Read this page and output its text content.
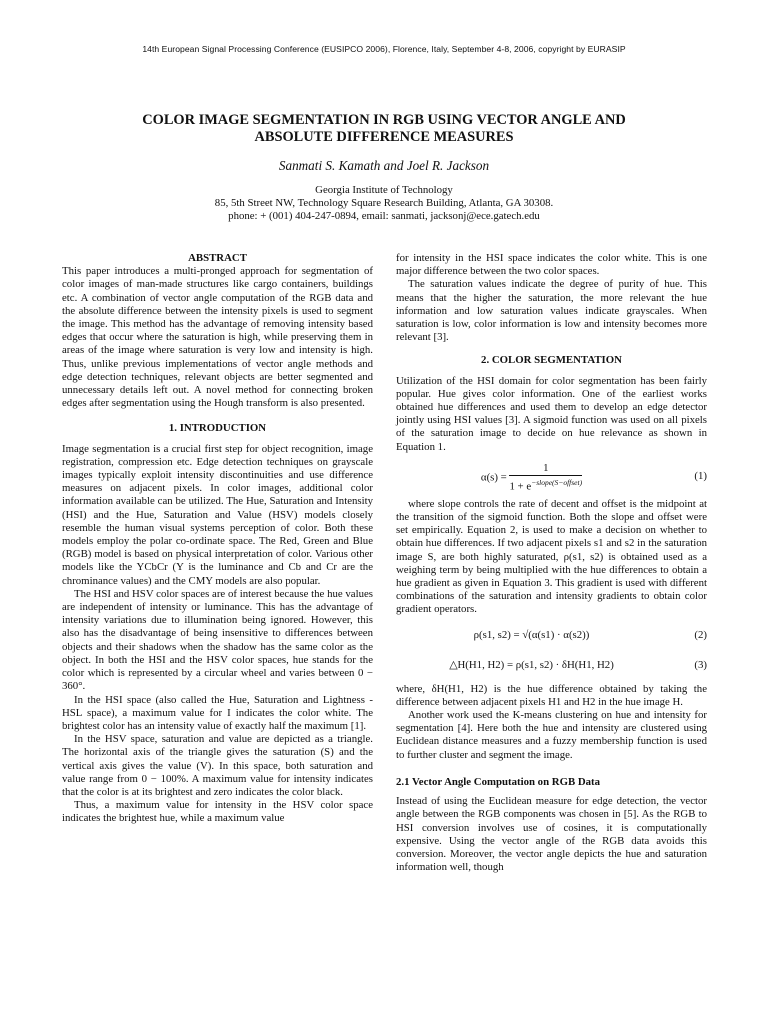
14th European Signal Processing Conference (EUSIPCO 2006), Florence, Italy, September 4-8, 2006, copyright by EURASIP
COLOR IMAGE SEGMENTATION IN RGB USING VECTOR ANGLE AND
ABSOLUTE DIFFERENCE MEASURES
Sanmati S. Kamath and Joel R. Jackson
Georgia Institute of Technology
85, 5th Street NW, Technology Square Research Building, Atlanta, GA 30308.
phone: + (001) 404-247-0894, email: sanmati, jacksonj@ece.gatech.edu

ABSTRACT

This paper introduces a multi-pronged approach for segmentation of color images of man-made structures like cargo containers, buildings etc. A combination of vector angle computation of the RGB data and the absolute difference between the intensity pixels is used to segment the image. This method has the advantage of removing intensity based edges that occur where the saturation is high, while preserving them in areas of the image where saturation is very low and intensity is high. Thus, unlike previous implementations of vector angle methods and edge detection techniques, relevant objects are better segmented and unnecessary details left out. A novel method for connecting broken edges after segmentation using the Hough transform is also presented.

1. INTRODUCTION

Image segmentation is a crucial first step for object recognition, image registration, compression etc. Edge detection techniques on grayscale images typically exploit intensity discontinuities and use difference measures on adjacent pixels. In color images, additional color information available can be utilized. The Hue, Saturation and Intensity (HSI) and the Hue, Saturation and Value (HSV) models closely resemble the human visual systems perception of color. Both these models employ the polar co-ordinate space. The Red, Green and Blue (RGB) model is based on physical interpretation of color. Various other models like the YCbCr (Y is the luminance and Cb and Cr are the chrominance values) and the CMY models are also popular.

The HSI and HSV color spaces are of interest because the hue values are independent of intensity or luminance. This has the advantage of intensity variations due to illumination being ignored. However, this also has the disadvantage of being insensitive to differences between objects and their shadows when the shadow has the same color as the object. In both the HSI and the HSV color spaces, hue stands for the color which is represented by a circular wheel and varies between 0 − 360°.

In the HSI space (also called the Hue, Saturation and Lightness - HSL space), a maximum value for I indicates the color white. The brightest color has an intensity value of exactly half the maximum [1].

In the HSV space, saturation and value are depicted as a triangle. The horizontal axis of the triangle gives the saturation (S) and the vertical axis gives the value (V). In this space, both saturation and value range from 0 − 100%. A maximum value for intensity indicates that the color is at its brightest and zero indicates the color black.

Thus, a maximum value for intensity in the HSV color space indicates the brightest hue, while a maximum value

for intensity in the HSI space indicates the color white. This is one major difference between the two color spaces.

The saturation values indicate the degree of purity of hue. This means that the higher the saturation, the more relevant the hue information and low saturation values indicate grayscales. When saturation is low, color information is low and intensity becomes more relevant [3].

2. COLOR SEGMENTATION

Utilization of the HSI domain for color segmentation has been fairly popular. Hue gives color information. One of the earliest works obtained hue differences and used them to develop an edge detector jointly using HSI values [3]. A sigmoid function was used on all pixels of the saturation image to decide on hue relevance as shown in Equation 1.

α(s) =
1
$1 + e^{-slope(S-offset)}$
(1)

where slope controls the rate of decent and offset is the midpoint at the transition of the sigmoid function. Both the slope and offset were set empirically. Equation 2, is used to make a decision on whether to obtain hue differences. If two adjacent pixels s1 and s2 in the saturation image S, are both highly saturated, ρ(s1, s2) is obtained used as a weighing term by being multiplied with the hue differences to obtain a hue gradient as given in Equation 3. This gradient is used with different combinations of the saturation and intensity gradients to obtain color gradient operators.

ρ(s1, s2) = √(α(s1) · α(s2))	(2)
△H(H1, H2) = ρ(s1, s2) · δH(H1, H2)	(3)

where, δH(H1, H2) is the hue difference obtained by taking the difference between adjacent pixels H1 and H2 in the hue image H.

Another work used the K-means clustering on hue and intensity for segmentation [4]. Here both the hue and intensity are clustered using Euclidean distance measures and a fuzzy membership function is used to further cluster and segment the image.

2.1 Vector Angle Computation on RGB Data

Instead of using the Euclidean measure for edge detection, the vector angle between the RGB components was chosen in [5]. As the RGB to HSI conversion involves use of cosines, it is computationally expensive. Using the vector angle of the RGB data avoids this conversion. Moreover, the vector angle depicts the hue and saturation information well, though
